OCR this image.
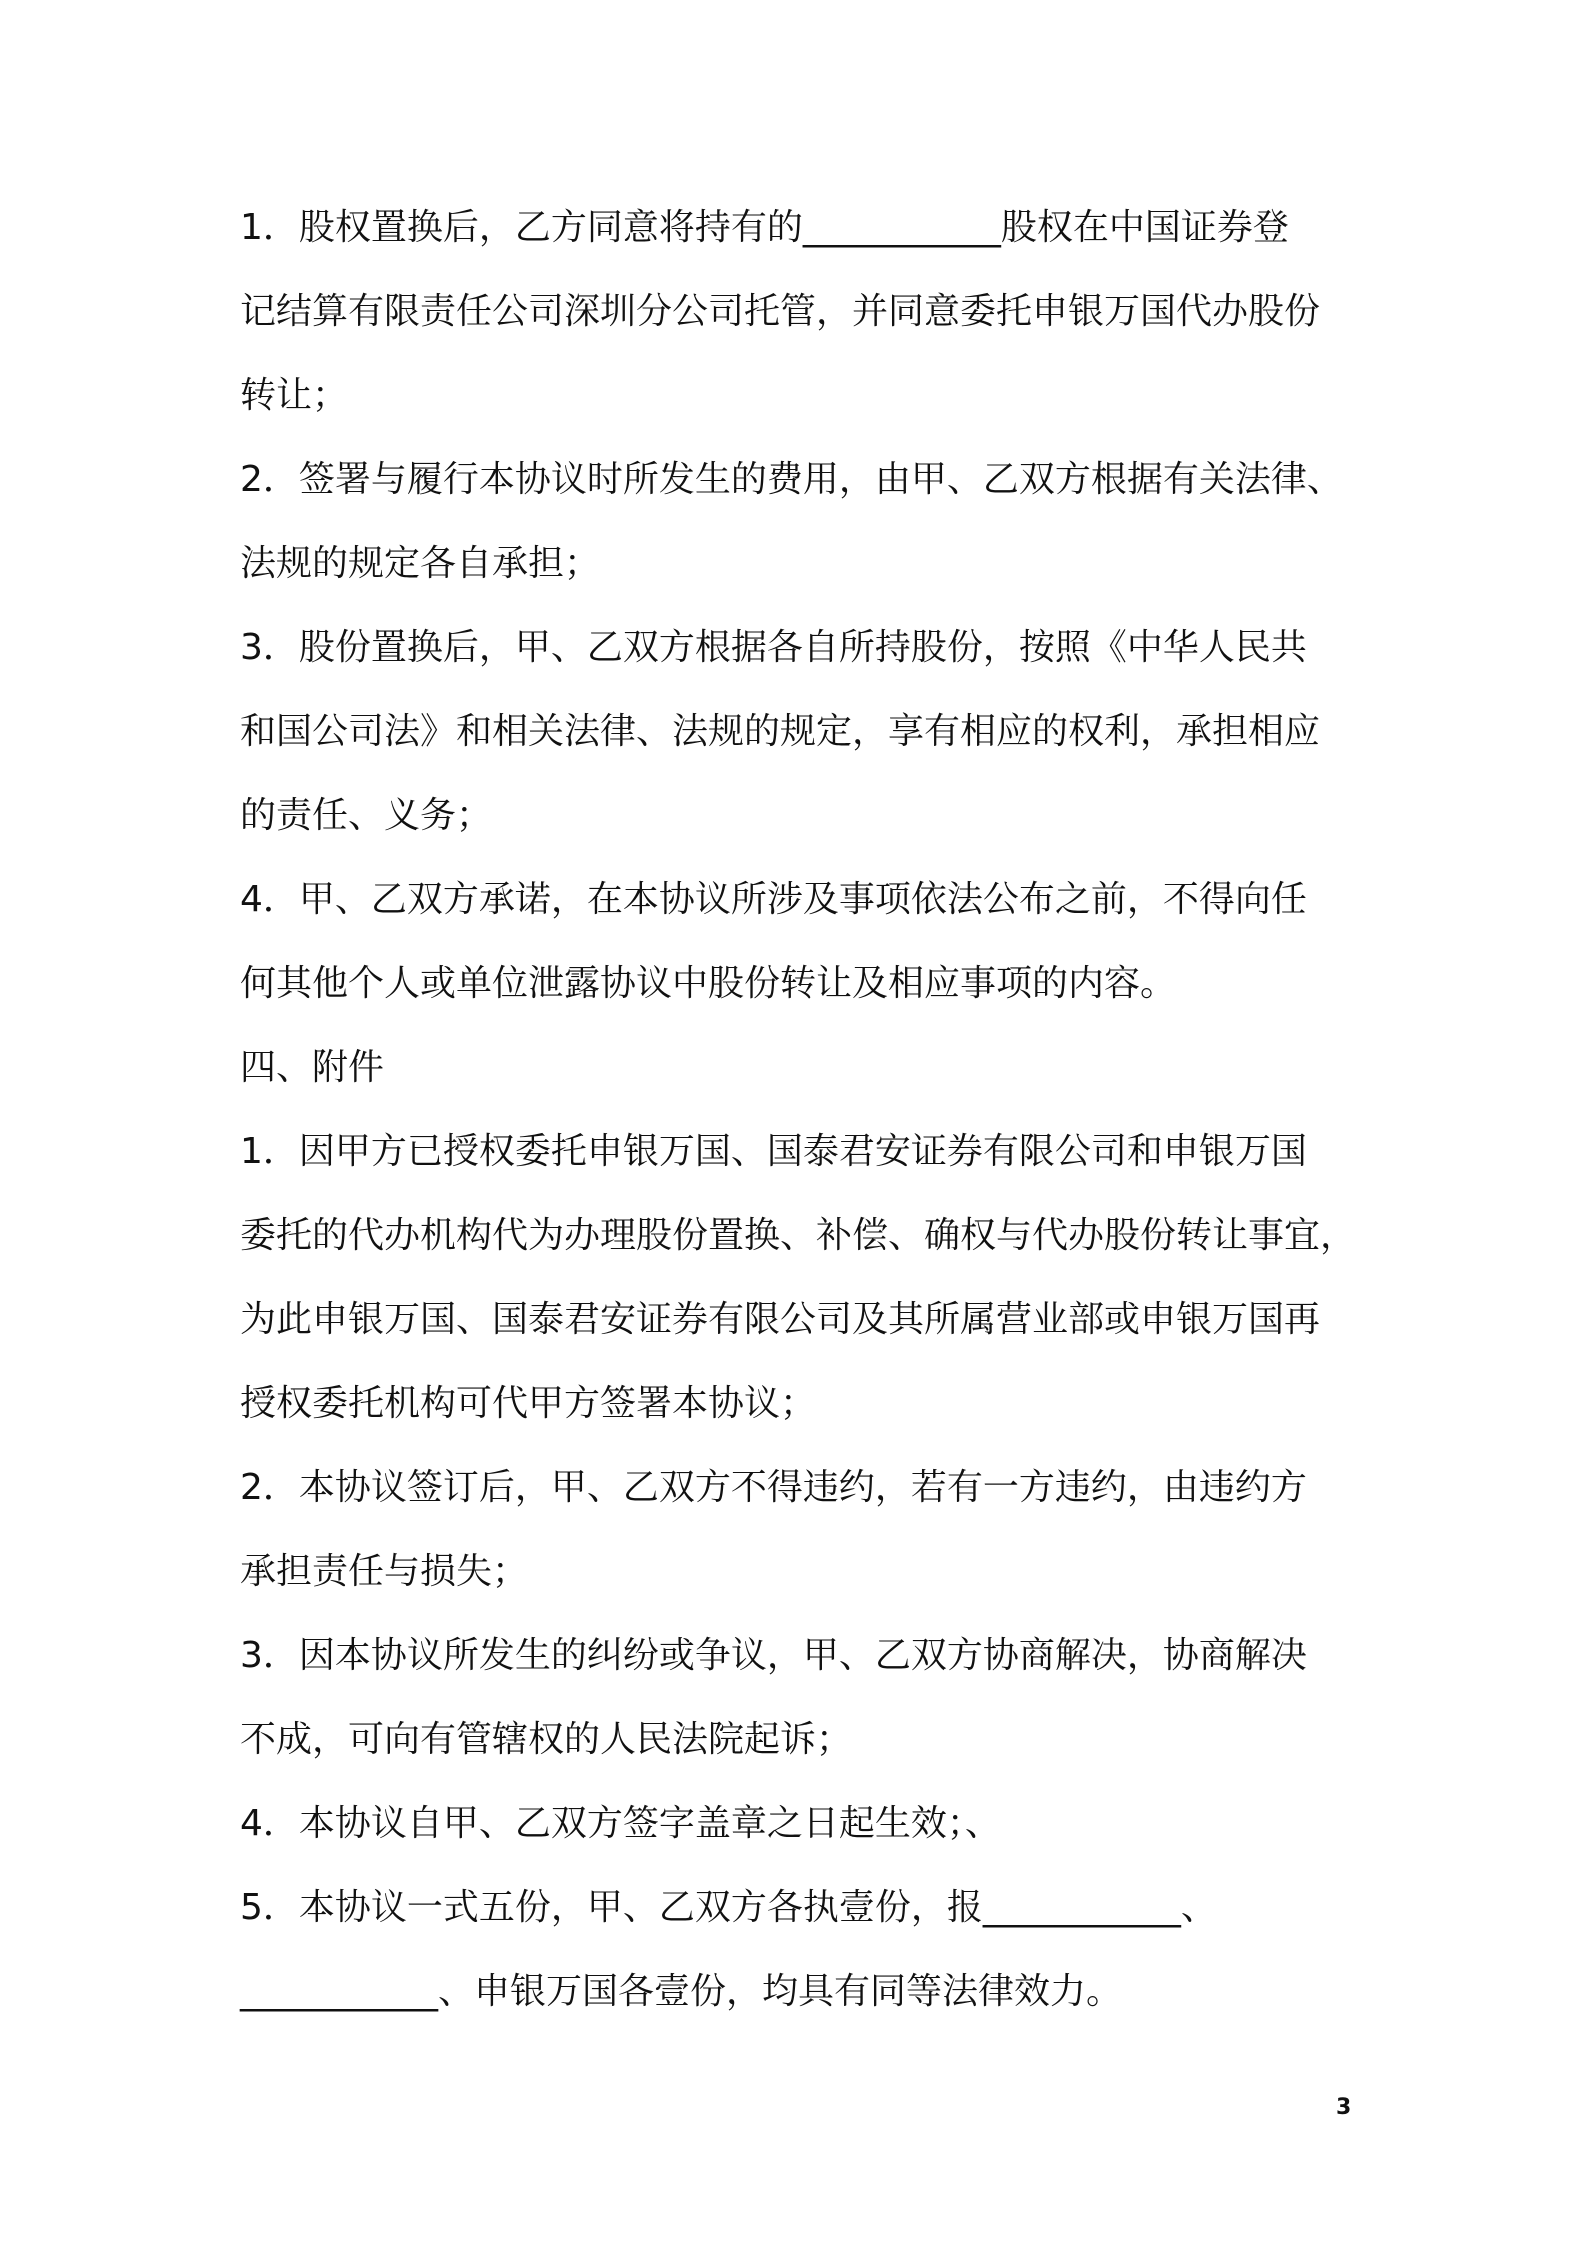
1．股权置换后，乙方同意将持有的___________股权在中国证券登

记结算有限责任公司深圳分公司托管，并同意委托申银万国代办股份

转让；

2．签署与履行本协议时所发生的费用，由甲、乙双方根据有关法律、

法规的规定各自承担；

3．股份置换后，甲、乙双方根据各自所持股份，按照《中华人民共

和国公司法》和相关法律、法规的规定，享有相应的权利，承担相应

的责任、义务；

4．甲、乙双方承诺，在本协议所涉及事项依法公布之前，不得向任

何其他个人或单位泄露协议中股份转让及相应事项的内容。

四、附件

1．因甲方已授权委托申银万国、国泰君安证券有限公司和申银万国

委托的代办机构代为办理股份置换、补偿、确权与代办股份转让事宜，

为此申银万国、国泰君安证券有限公司及其所属营业部或申银万国再

授权委托机构可代甲方签署本协议；

2．本协议签订后，甲、乙双方不得违约，若有一方违约，由违约方

承担责任与损失；

3．因本协议所发生的纠纷或争议，甲、乙双方协商解决，协商解决

不成，可向有管辖权的人民法院起诉；

4．本协议自甲、乙双方签字盖章之日起生效；、

5．本协议一式五份，甲、乙双方各执壹份，报___________、

___________、申银万国各壹份，均具有同等法律效力。

3
